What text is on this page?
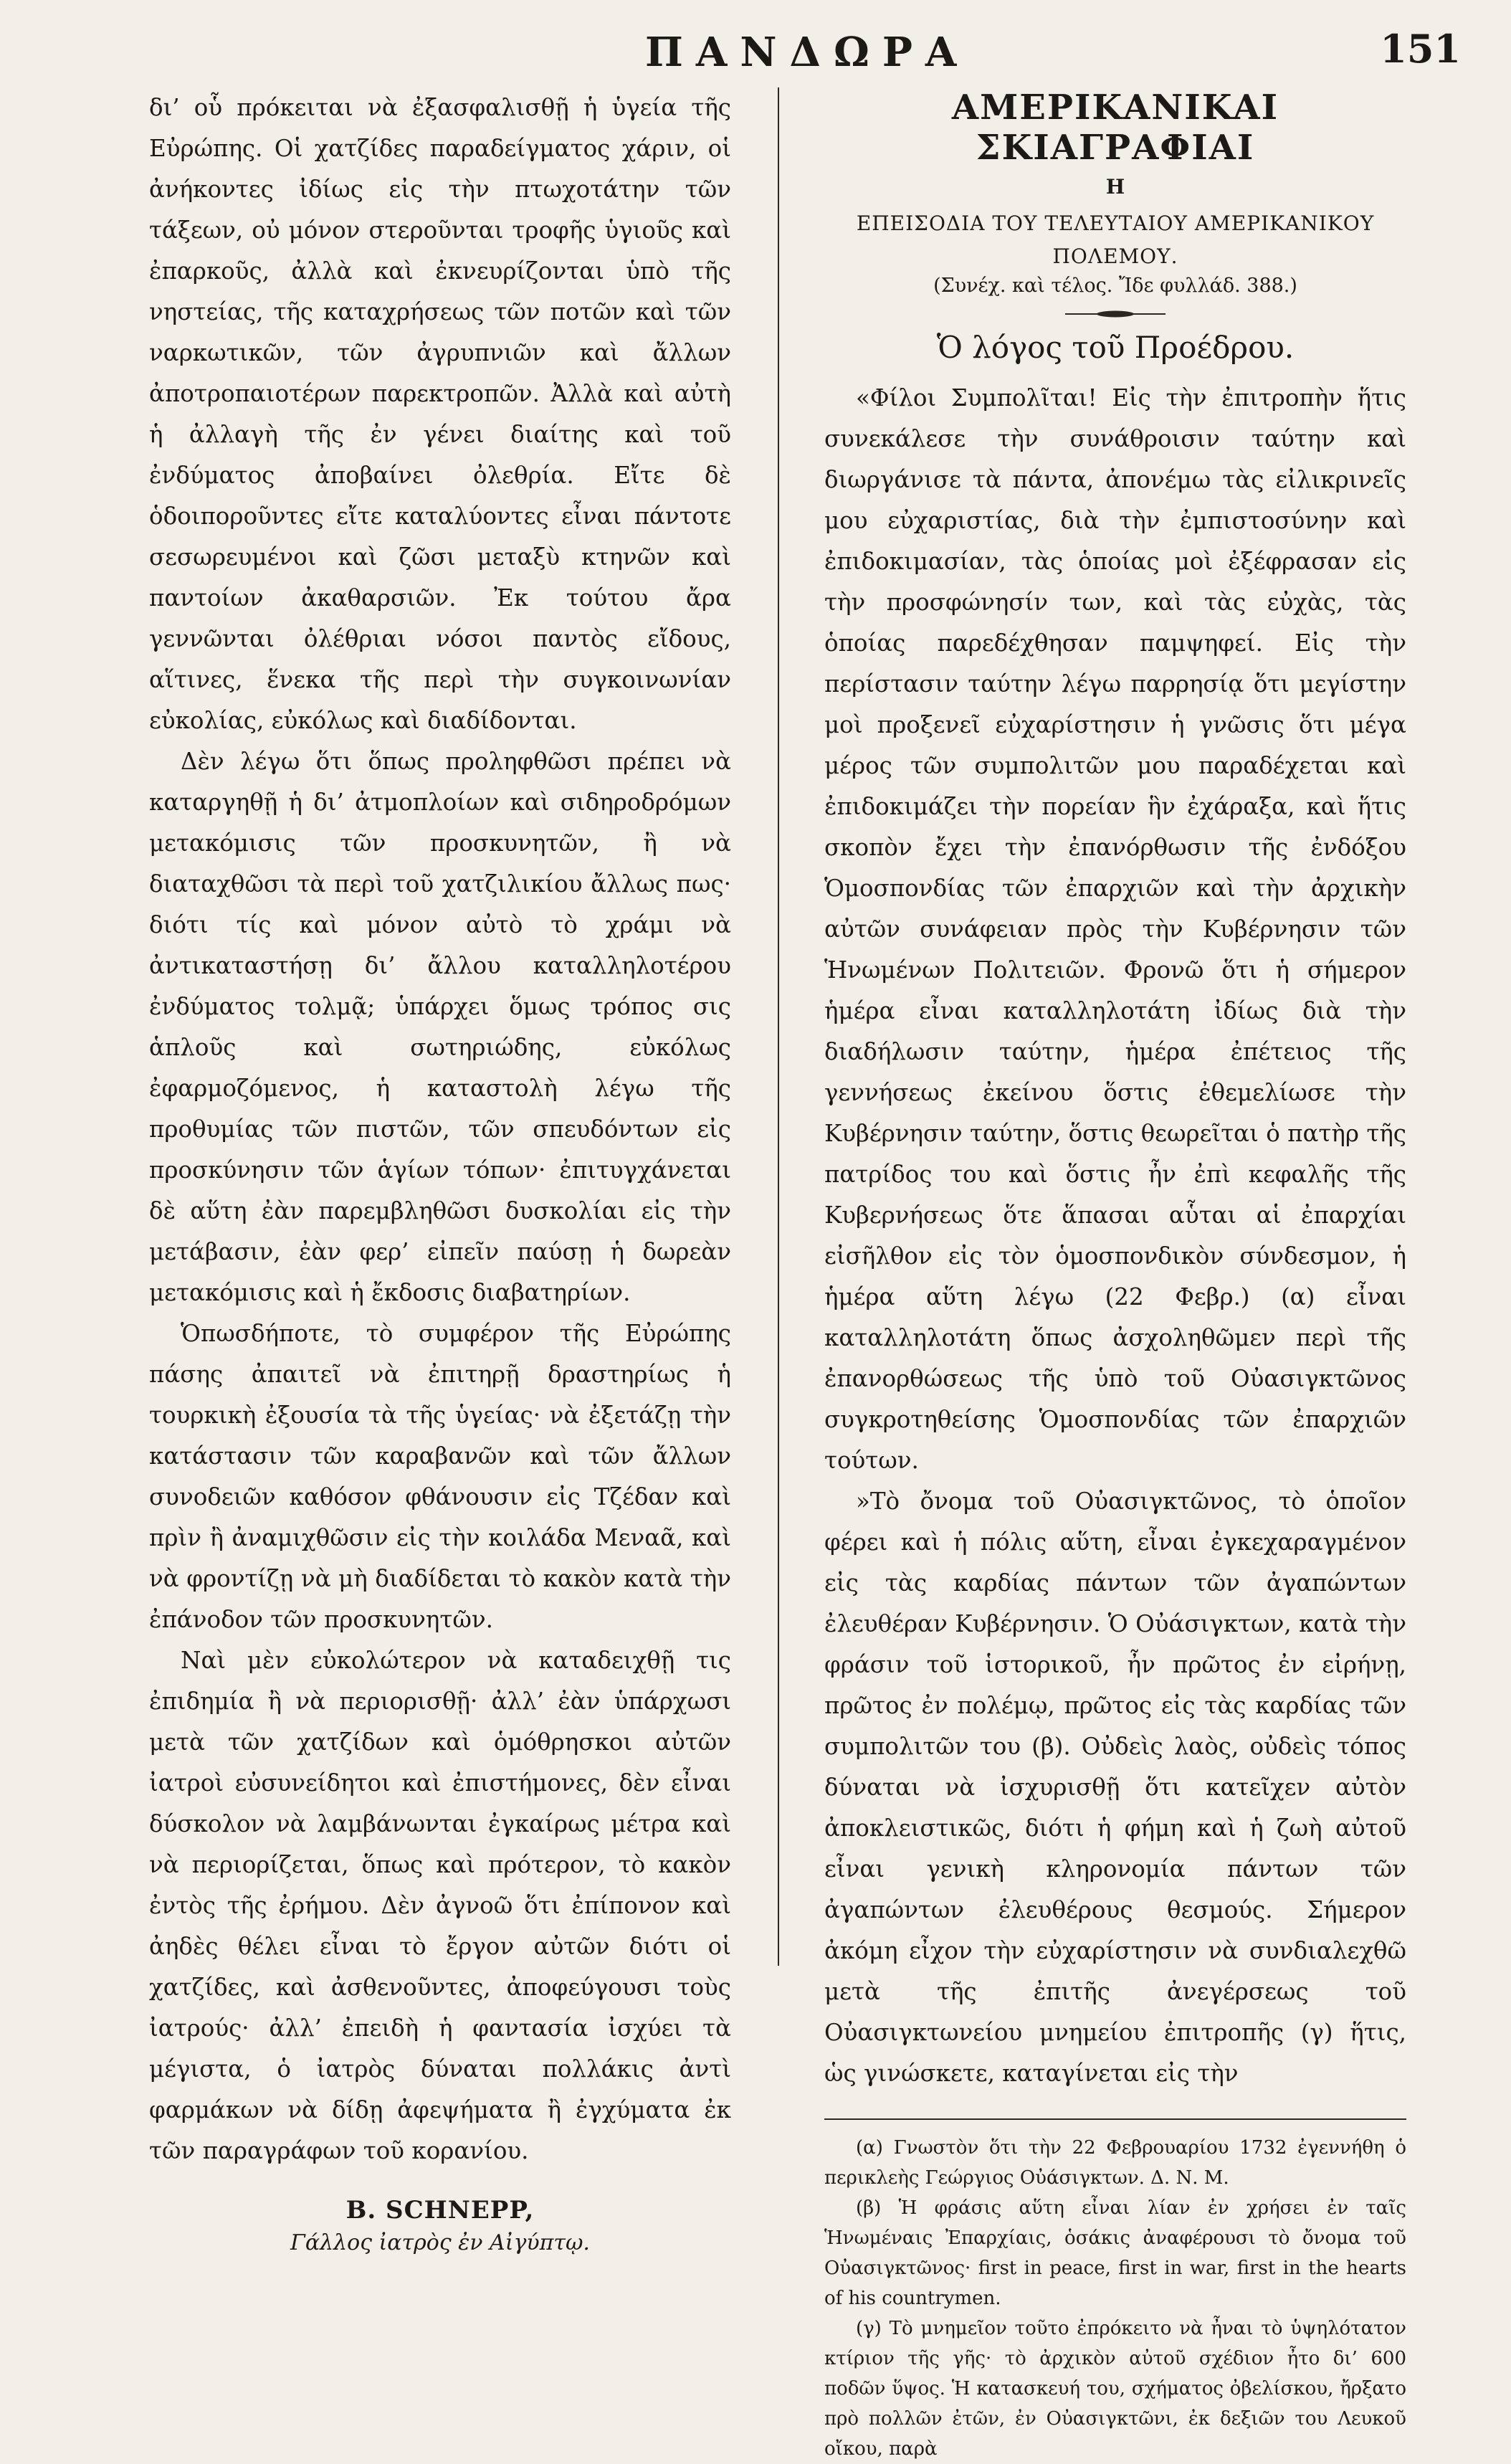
ΠΑΝΔΩΡΑ	151

δι’ οὗ πρόκειται νὰ ἐξασφαλισθῇ ἡ ὑγεία τῆς Εὐρώπης. Οἱ χατζίδες παραδείγματος χάριν, οἱ ἀνήκοντες ἰδίως εἰς τὴν πτωχοτάτην τῶν τάξεων, οὐ μόνον στεροῦνται τροφῆς ὑγιοῦς καὶ ἐπαρκοῦς, ἀλλὰ καὶ ἐκνευρίζονται ὑπὸ τῆς νηστείας, τῆς καταχρήσεως τῶν ποτῶν καὶ τῶν ναρκωτικῶν, τῶν ἀγρυπνιῶν καὶ ἄλλων ἀποτροπαιοτέρων παρεκτροπῶν. Ἀλλὰ καὶ αὐτὴ ἡ ἀλλαγὴ τῆς ἐν γένει διαίτης καὶ τοῦ ἐνδύματος ἀποβαίνει ὀλεθρία. Εἴτε δὲ ὁδοιποροῦντες εἴτε καταλύοντες εἶναι πάντοτε σεσωρευμένοι καὶ ζῶσι μεταξὺ κτηνῶν καὶ παντοίων ἀκαθαρσιῶν. Ἐκ τούτου ἄρα γεννῶνται ὀλέθριαι νόσοι παντὸς εἴδους, αἵτινες, ἕνεκα τῆς περὶ τὴν συγκοινωνίαν εὐκολίας, εὐκόλως καὶ διαδίδονται.

Δὲν λέγω ὅτι ὅπως προληφθῶσι πρέπει νὰ καταργηθῇ ἡ δι’ ἀτμοπλοίων καὶ σιδηροδρόμων μετακόμισις τῶν προσκυνητῶν, ἢ νὰ διαταχθῶσι τὰ περὶ τοῦ χατζιλικίου ἄλλως πως· διότι τίς καὶ μόνον αὐτὸ τὸ χράμι νὰ ἀντικαταστήσῃ δι’ ἄλλου καταλληλοτέρου ἐνδύματος τολμᾷ; ὑπάρχει ὅμως τρόπος σις ἁπλοῦς καὶ σωτηριώδης, εὐκόλως ἐφαρμοζόμενος, ἡ καταστολὴ λέγω τῆς προθυμίας τῶν πιστῶν, τῶν σπευδόντων εἰς προσκύνησιν τῶν ἁγίων τόπων· ἐπιτυγχάνεται δὲ αὕτη ἐὰν παρεμβληθῶσι δυσκολίαι εἰς τὴν μετάβασιν, ἐὰν φερ’ εἰπεῖν παύσῃ ἡ δωρεὰν μετακόμισις καὶ ἡ ἔκδοσις διαβατηρίων.

Ὁπωσδήποτε, τὸ συμφέρον τῆς Εὐρώπης πάσης ἀπαιτεῖ νὰ ἐπιτηρῇ δραστηρίως ἡ τουρκικὴ ἐξουσία τὰ τῆς ὑγείας· νὰ ἐξετάζῃ τὴν κατάστασιν τῶν καραβανῶν καὶ τῶν ἄλλων συνοδειῶν καθόσον φθάνουσιν εἰς Τζέδαν καὶ πρὶν ἢ ἀναμιχθῶσιν εἰς τὴν κοιλάδα Μεναᾶ, καὶ νὰ φροντίζῃ νὰ μὴ διαδίδεται τὸ κακὸν κατὰ τὴν ἐπάνοδον τῶν προσκυνητῶν.

Ναὶ μὲν εὐκολώτερον νὰ καταδειχθῇ τις ἐπιδημία ἢ νὰ περιορισθῇ· ἀλλ’ ἐὰν ὑπάρχωσι μετὰ τῶν χατζίδων καὶ ὁμόθρησκοι αὐτῶν ἰατροὶ εὐσυνείδητοι καὶ ἐπιστήμονες, δὲν εἶναι δύσκολον νὰ λαμβάνωνται ἐγκαίρως μέτρα καὶ νὰ περιορίζεται, ὅπως καὶ πρότερον, τὸ κακὸν ἐντὸς τῆς ἐρήμου. Δὲν ἀγνοῶ ὅτι ἐπίπονον καὶ ἀηδὲς θέλει εἶναι τὸ ἔργον αὐτῶν διότι οἱ χατζίδες, καὶ ἀσθενοῦντες, ἀποφεύγουσι τοὺς ἰατρούς· ἀλλ’ ἐπειδὴ ἡ φαντασία ἰσχύει τὰ μέγιστα, ὁ ἰατρὸς δύναται πολλάκις ἀντὶ φαρμάκων νὰ δίδῃ ἀφεψήματα ἢ ἐγχύματα ἐκ τῶν παραγράφων τοῦ κορανίου.

B. SCHNEPP,

Γάλλος ἰατρὸς ἐν Αἰγύπτῳ.

ΑΜΕΡΙΚΑΝΙΚΑΙ ΣΚΙΑΓΡΑΦΙΑΙ

Η

ΕΠΕΙΣΟΔΙΑ ΤΟΥ ΤΕΛΕΥΤΑΙΟΥ ΑΜΕΡΙΚΑΝΙΚΟΥ ΠΟΛΕΜΟΥ.

(Συνέχ. καὶ τέλος. Ἴδε φυλλάδ. 388.)

Ὁ λόγος τοῦ Προέδρου.

«Φίλοι Συμπολῖται! Εἰς τὴν ἐπιτροπὴν ἥτις συνεκάλεσε τὴν συνάθροισιν ταύτην καὶ διωργάνισε τὰ πάντα, ἀπονέμω τὰς εἰλικρινεῖς μου εὐχαριστίας, διὰ τὴν ἐμπιστοσύνην καὶ ἐπιδοκιμασίαν, τὰς ὁποίας μοὶ ἐξέφρασαν εἰς τὴν προσφώνησίν των, καὶ τὰς εὐχὰς, τὰς ὁποίας παρεδέχθησαν παμψηφεί. Εἰς τὴν περίστασιν ταύτην λέγω παρρησίᾳ ὅτι μεγίστην μοὶ προξενεῖ εὐχαρίστησιν ἡ γνῶσις ὅτι μέγα μέρος τῶν συμπολιτῶν μου παραδέχεται καὶ ἐπιδοκιμάζει τὴν πορείαν ἣν ἐχάραξα, καὶ ἥτις σκοπὸν ἔχει τὴν ἐπανόρθωσιν τῆς ἐνδόξου Ὁμοσπονδίας τῶν ἐπαρχιῶν καὶ τὴν ἀρχικὴν αὐτῶν συνάφειαν πρὸς τὴν Κυβέρνησιν τῶν Ἡνωμένων Πολιτειῶν. Φρονῶ ὅτι ἡ σήμερον ἡμέρα εἶναι καταλληλοτάτη ἰδίως διὰ τὴν διαδήλωσιν ταύτην, ἡμέρα ἐπέτειος τῆς γεννήσεως ἐκείνου ὅστις ἐθεμελίωσε τὴν Κυβέρνησιν ταύτην, ὅστις θεωρεῖται ὁ πατὴρ τῆς πατρίδος του καὶ ὅστις ἦν ἐπὶ κεφαλῆς τῆς Κυβερνήσεως ὅτε ἅπασαι αὗται αἱ ἐπαρχίαι εἰσῆλθον εἰς τὸν ὁμοσπονδικὸν σύνδεσμον, ἡ ἡμέρα αὕτη λέγω (22 Φεβρ.) (α) εἶναι καταλληλοτάτη ὅπως ἀσχοληθῶμεν περὶ τῆς ἐπανορθώσεως τῆς ὑπὸ τοῦ Οὐασιγκτῶνος συγκροτηθείσης Ὁμοσπονδίας τῶν ἐπαρχιῶν τούτων.

»Τὸ ὄνομα τοῦ Οὐασιγκτῶνος, τὸ ὁποῖον φέρει καὶ ἡ πόλις αὕτη, εἶναι ἐγκεχαραγμένον εἰς τὰς καρδίας πάντων τῶν ἀγαπώντων ἐλευθέραν Κυβέρνησιν. Ὁ Οὐάσιγκτων, κατὰ τὴν φράσιν τοῦ ἱστορικοῦ, ἦν πρῶτος ἐν εἰρήνῃ, πρῶτος ἐν πολέμῳ, πρῶτος εἰς τὰς καρδίας τῶν συμπολιτῶν του (β). Οὐδεὶς λαὸς, οὐδεὶς τόπος δύναται νὰ ἰσχυρισθῇ ὅτι κατεῖχεν αὐτὸν ἀποκλειστικῶς, διότι ἡ φήμη καὶ ἡ ζωὴ αὐτοῦ εἶναι γενικὴ κληρονομία πάντων τῶν ἀγαπώντων ἐλευθέρους θεσμούς. Σήμερον ἀκόμη εἶχον τὴν εὐχαρίστησιν νὰ συνδιαλεχθῶ μετὰ τῆς ἐπιτῆς ἀνεγέρσεως τοῦ Οὐασιγκτωνείου μνημείου ἐπιτροπῆς (γ) ἥτις, ὡς γινώσκετε, καταγίνεται εἰς τὴν

(α) Γνωστὸν ὅτι τὴν 22 Φεβρουαρίου 1732 ἐγεννήθη ὁ περικλεὴς Γεώργιος Οὐάσιγκτων. Δ. Ν. Μ.

(β) Ἡ φράσις αὕτη εἶναι λίαν ἐν χρήσει ἐν ταῖς Ἡνωμέναις Ἐπαρχίαις, ὁσάκις ἀναφέρουσι τὸ ὄνομα τοῦ Οὐασιγκτῶνος· first in peace, first in war, first in the hearts of his countrymen.

(γ) Τὸ μνημεῖον τοῦτο ἐπρόκειτο νὰ ἦναι τὸ ὑψηλότατον κτίριον τῆς γῆς· τὸ ἀρχικὸν αὐτοῦ σχέδιον ἦτο δι’ 600 ποδῶν ὕψος. Ἡ κατασκευή του, σχήματος ὀβελίσκου, ἤρξατο πρὸ πολλῶν ἐτῶν, ἐν Οὐασιγκτῶνι, ἐκ δεξιῶν του Λευκοῦ οἴκου, παρὰ
